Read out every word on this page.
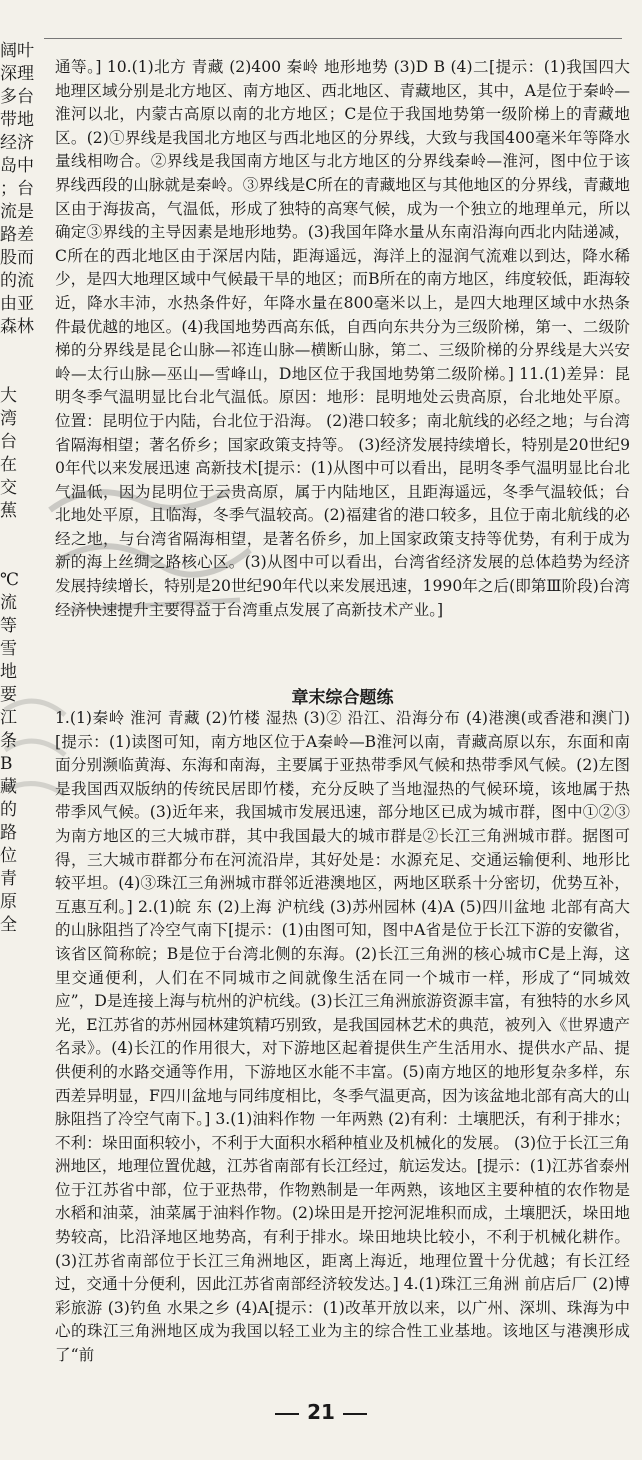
阔叶
深理
多台
带地
经济
岛中
；台
流是
路差
股而
的流
由亚
森林
大
湾
台
在
交
蕉
℃
流
等
雪
地
要
江
条
B
藏
的
路
位
青
原
全

通等。] 10.(1)北方 青藏 (2)400 秦岭 地形地势 (3)D B (4)二[提示：(1)我国四大地理区域分别是北方地区、南方地区、西北地区、青藏地区，其中，A是位于秦岭—淮河以北，内蒙古高原以南的北方地区；C是位于我国地势第一级阶梯上的青藏地区。(2)①界线是我国北方地区与西北地区的分界线，大致与我国400毫米年等降水量线相吻合。②界线是我国南方地区与北方地区的分界线秦岭—淮河，图中位于该界线西段的山脉就是秦岭。③界线是C所在的青藏地区与其他地区的分界线，青藏地区由于海拔高，气温低，形成了独特的高寒气候，成为一个独立的地理单元，所以确定③界线的主导因素是地形地势。(3)我国年降水量从东南沿海向西北内陆递减，C所在的西北地区由于深居内陆，距海遥远，海洋上的湿润气流难以到达，降水稀少，是四大地理区域中气候最干旱的地区；而B所在的南方地区，纬度较低，距海较近，降水丰沛，水热条件好，年降水量在800毫米以上，是四大地理区域中水热条件最优越的地区。(4)我国地势西高东低，自西向东共分为三级阶梯，第一、二级阶梯的分界线是昆仑山脉—祁连山脉—横断山脉，第二、三级阶梯的分界线是大兴安岭—太行山脉—巫山—雪峰山，D地区位于我国地势第二级阶梯。] 11.(1)差异：昆明冬季气温明显比台北气温低。原因：地形：昆明地处云贵高原，台北地处平原。位置：昆明位于内陆，台北位于沿海。 (2)港口较多；南北航线的必经之地；与台湾省隔海相望；著名侨乡；国家政策支持等。 (3)经济发展持续增长，特别是20世纪90年代以来发展迅速 高新技术[提示：(1)从图中可以看出，昆明冬季气温明显比台北气温低，因为昆明位于云贵高原，属于内陆地区，且距海遥远，冬季气温较低；台北地处平原，且临海，冬季气温较高。(2)福建省的港口较多，且位于南北航线的必经之地，与台湾省隔海相望，是著名侨乡，加上国家政策支持等优势，有利于成为新的海上丝绸之路核心区。(3)从图中可以看出，台湾省经济发展的总体趋势为经济发展持续增长，特别是20世纪90年代以来发展迅速，1990年之后(即第Ⅲ阶段)台湾经济快速提升主要得益于台湾重点发展了高新技术产业。]

章末综合题练

1.(1)秦岭 淮河 青藏 (2)竹楼 湿热 (3)② 沿江、沿海分布 (4)港澳(或香港和澳门)[提示：(1)读图可知，南方地区位于A秦岭—B淮河以南，青藏高原以东，东面和南面分别濒临黄海、东海和南海，主要属于亚热带季风气候和热带季风气候。(2)左图是我国西双版纳的传统民居即竹楼，充分反映了当地湿热的气候环境，该地属于热带季风气候。(3)近年来，我国城市发展迅速，部分地区已成为城市群，图中①②③为南方地区的三大城市群，其中我国最大的城市群是②长江三角洲城市群。据图可得，三大城市群都分布在河流沿岸，其好处是：水源充足、交通运输便利、地形比较平坦。(4)③珠江三角洲城市群邻近港澳地区，两地区联系十分密切，优势互补，互惠互利。] 2.(1)皖 东 (2)上海 沪杭线 (3)苏州园林 (4)A (5)四川盆地 北部有高大的山脉阻挡了冷空气南下[提示：(1)由图可知，图中A省是位于长江下游的安徽省，该省区简称皖；B是位于台湾北侧的东海。(2)长江三角洲的核心城市C是上海，这里交通便利，人们在不同城市之间就像生活在同一个城市一样，形成了“同城效应”，D是连接上海与杭州的沪杭线。(3)长江三角洲旅游资源丰富，有独特的水乡风光，E江苏省的苏州园林建筑精巧别致，是我国园林艺术的典范，被列入《世界遗产名录》。(4)长江的作用很大，对下游地区起着提供生产生活用水、提供水产品、提供便利的水路交通等作用，下游地区水能不丰富。(5)南方地区的地形复杂多样，东西差异明显，F四川盆地与同纬度相比，冬季气温更高，因为该盆地北部有高大的山脉阻挡了冷空气南下。] 3.(1)油料作物 一年两熟 (2)有利：土壤肥沃，有利于排水；不利：垛田面积较小，不利于大面积水稻种植业及机械化的发展。 (3)位于长江三角洲地区，地理位置优越，江苏省南部有长江经过，航运发达。[提示：(1)江苏省泰州位于江苏省中部，位于亚热带，作物熟制是一年两熟，该地区主要种植的农作物是水稻和油菜，油菜属于油料作物。(2)垛田是开挖河泥堆积而成，土壤肥沃，垛田地势较高，比沿泽地区地势高，有利于排水。垛田地块比较小，不利于机械化耕作。(3)江苏省南部位于长江三角洲地区，距离上海近，地理位置十分优越；有长江经过，交通十分便利，因此江苏省南部经济较发达。] 4.(1)珠江三角洲 前店后厂 (2)博彩旅游 (3)钓鱼 水果之乡 (4)A[提示：(1)改革开放以来，以广州、深圳、珠海为中心的珠江三角洲地区成为我国以轻工业为主的综合性工业基地。该地区与港澳形成了“前

21
